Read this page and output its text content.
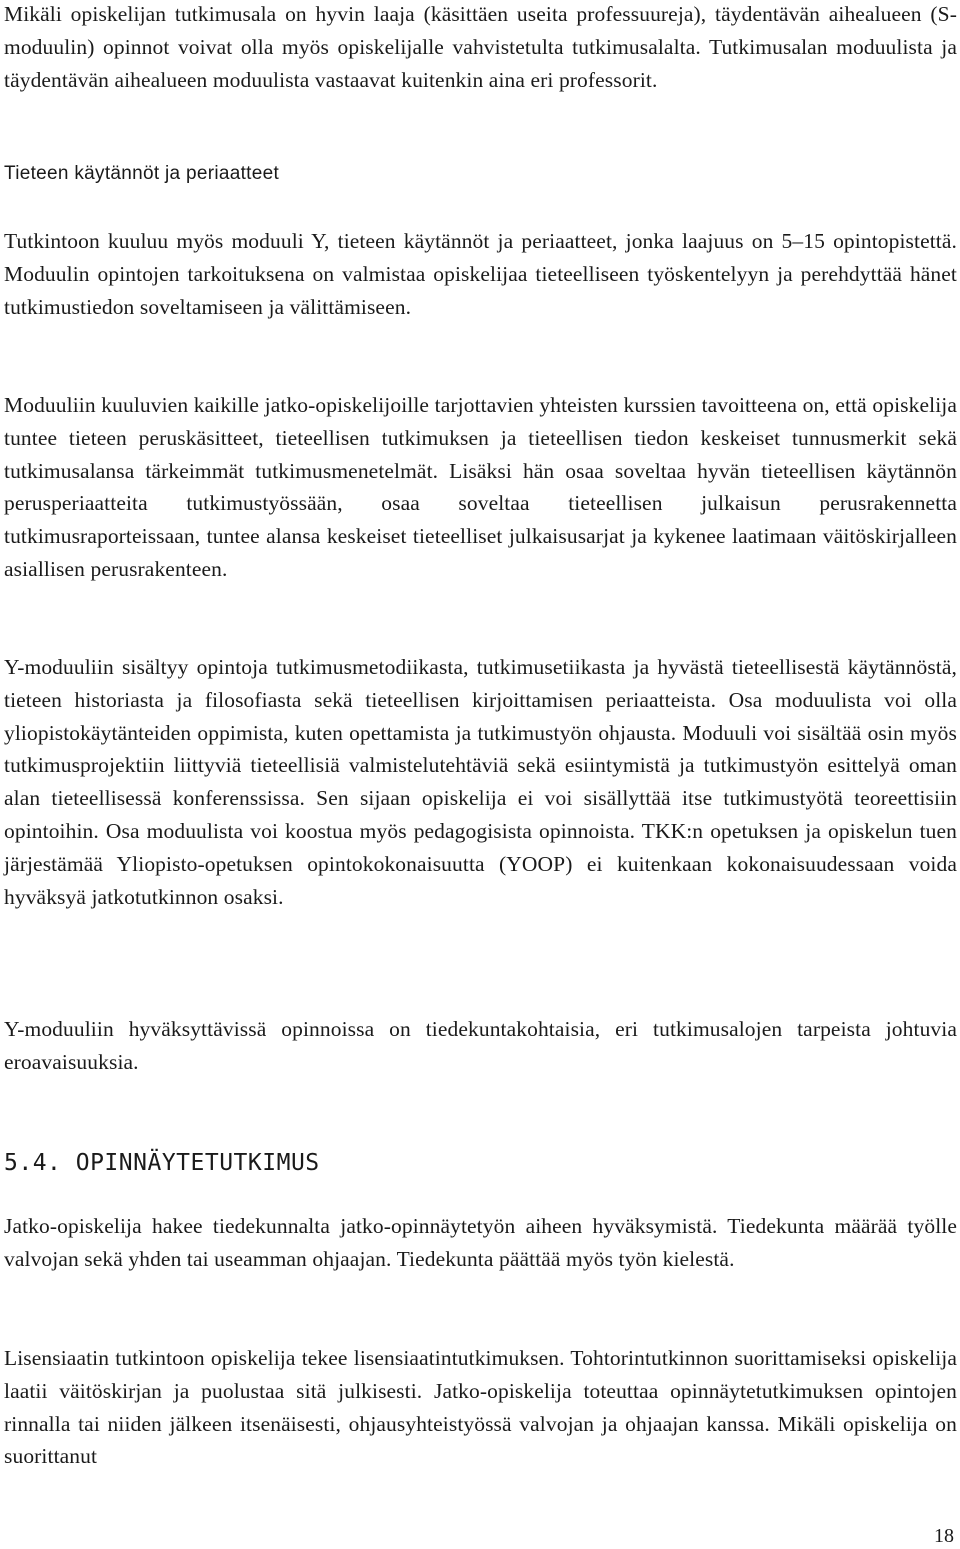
Mikäli opiskelijan tutkimusala on hyvin laaja (käsittäen useita professuureja), täydentävän aihealueen (S-moduulin) opinnot voivat olla myös opiskelijalle vahvistetulta tutkimusalalta. Tutkimusalan moduulista ja täydentävän aihealueen moduulista vastaavat kuitenkin aina eri professorit.

Tieteen käytännöt ja periaatteet

Tutkintoon kuuluu myös moduuli Y, tieteen käytännöt ja periaatteet, jonka laajuus on 5–15 opintopistettä. Moduulin opintojen tarkoituksena on valmistaa opiskelijaa tieteelliseen työskentelyyn ja perehdyttää hänet tutkimustiedon soveltamiseen ja välittämiseen.

Moduuliin kuuluvien kaikille jatko-opiskelijoille tarjottavien yhteisten kurssien tavoitteena on, että opiskelija tuntee tieteen peruskäsitteet, tieteellisen tutkimuksen ja tieteellisen tiedon keskeiset tunnusmerkit sekä tutkimusalansa tärkeimmät tutkimusmenetelmät. Lisäksi hän osaa soveltaa hyvän tieteellisen käytännön perusperiaatteita tutkimustyössään, osaa soveltaa tieteellisen julkaisun perusrakennetta tutkimusraporteissaan, tuntee alansa keskeiset tieteelliset julkaisusarjat ja kykenee laatimaan väitöskirjalleen asiallisen perusrakenteen.

Y-moduuliin sisältyy opintoja tutkimusmetodiikasta, tutkimusetiikasta ja hyvästä tieteellisestä käytännöstä, tieteen historiasta ja filosofiasta sekä tieteellisen kirjoittamisen periaatteista. Osa moduulista voi olla yliopistokäytänteiden oppimista, kuten opettamista ja tutkimustyön ohjausta. Moduuli voi sisältää osin myös tutkimusprojektiin liittyviä tieteellisiä valmistelutehtäviä sekä esiintymistä ja tutkimustyön esittelyä oman alan tieteellisessä konferenssissa. Sen sijaan opiskelija ei voi sisällyttää itse tutkimustyötä teoreettisiin opintoihin. Osa moduulista voi koostua myös pedagogisista opinnoista. TKK:n opetuksen ja opiskelun tuen järjestämää Yliopisto-opetuksen opintokokonaisuutta (YOOP) ei kuitenkaan kokonaisuudessaan voida hyväksyä jatkotutkinnon osaksi.

Y-moduuliin hyväksyttävissä opinnoissa on tiedekuntakohtaisia, eri tutkimusalojen tarpeista johtuvia eroavaisuuksia.

5.4. OPINNÄYTETUTKIMUS

Jatko-opiskelija hakee tiedekunnalta jatko-opinnäytetyön aiheen hyväksymistä. Tiedekunta määrää työlle valvojan sekä yhden tai useamman ohjaajan. Tiedekunta päättää myös työn kielestä.

Lisensiaatin tutkintoon opiskelija tekee lisensiaatintutkimuksen. Tohtorintutkinnon suorittamiseksi opiskelija laatii väitöskirjan ja puolustaa sitä julkisesti. Jatko-opiskelija toteuttaa opinnäytetutkimuksen opintojen rinnalla tai niiden jälkeen itsenäisesti, ohjausyhteistyössä valvojan ja ohjaajan kanssa. Mikäli opiskelija on suorittanut

18
